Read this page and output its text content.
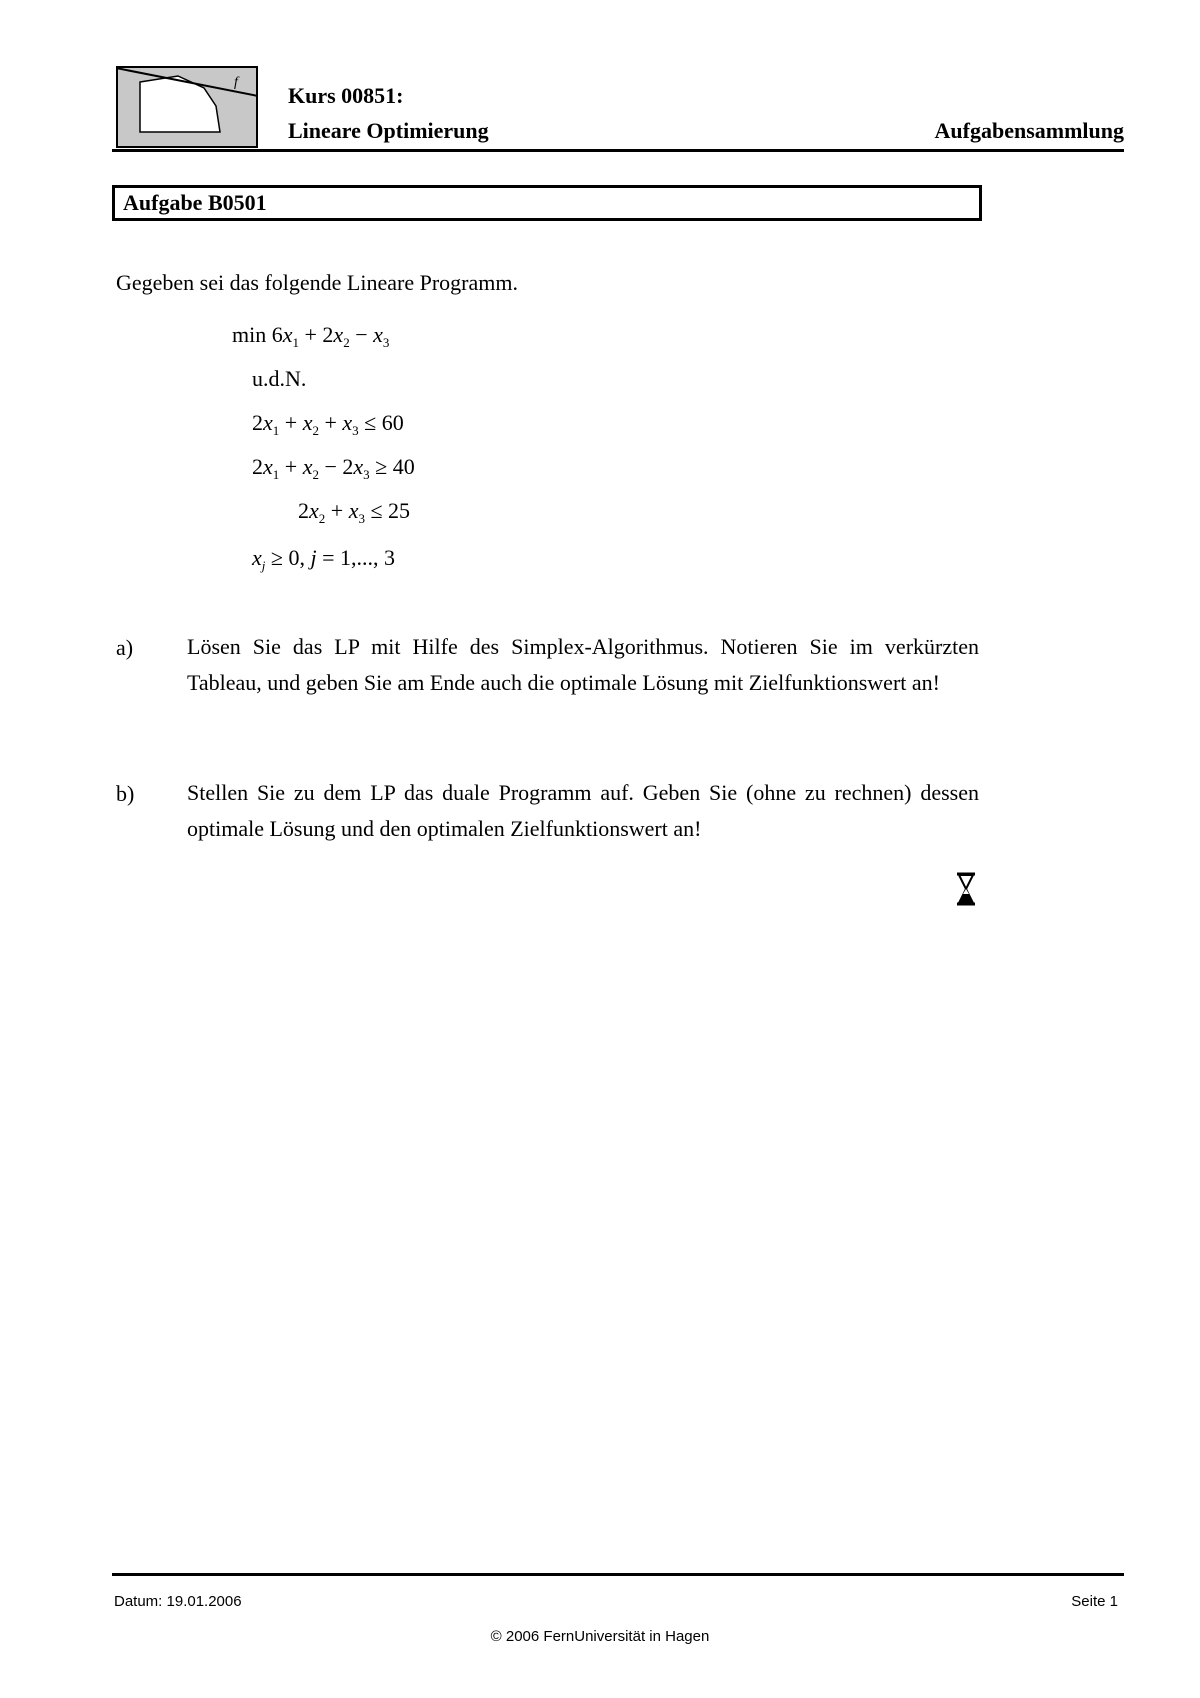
f
Kurs 00851:
Lineare Optimierung	Aufgabensammlung
Aufgabe B0501
Gegeben sei das folgende Lineare Programm.
$\min 6x_1 + 2x_2 - x_3$
u.d.N.
$2x_1 + x_2 + x_3 \le 60$
$2x_1 + x_2 - 2x_3 \ge 40$
$2x_2 + x_3 \le 25$
$x_j \ge 0$, j = 1,..., 3
a) Lösen Sie das LP mit Hilfe des Simplex-Algorithmus. Notieren Sie im verkürzten Tableau, und geben Sie am Ende auch die optimale Lösung mit Zielfunktionswert an!
b) Stellen Sie zu dem LP das duale Programm auf. Geben Sie (ohne zu rechnen) dessen optimale Lösung und den optimalen Zielfunktionswert an!
Datum: 19.01.2006	Seite 1
© 2006 FernUniversität in Hagen
